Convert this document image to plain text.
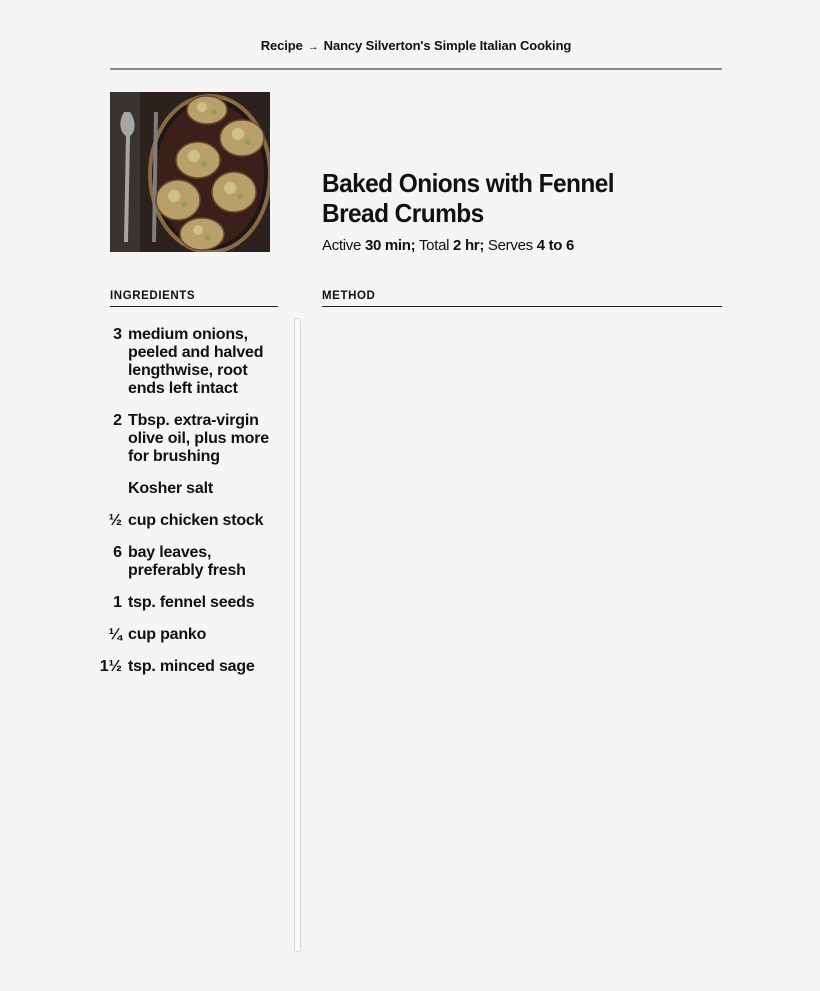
Recipe → Nancy Silverton's Simple Italian Cooking
Baked Onions with Fennel Bread Crumbs
Active 30 min; Total 2 hr; Serves 4 to 6
INGREDIENTS	METHOD
3 medium onions, peeled and halved lengthwise, root ends left intact
2 Tbsp. extra-virgin olive oil, plus more for brushing
Kosher salt
½ cup chicken stock
6 bay leaves, preferably fresh
1 tsp. fennel seeds
¼ cup panko
1½ tsp. minced sage
